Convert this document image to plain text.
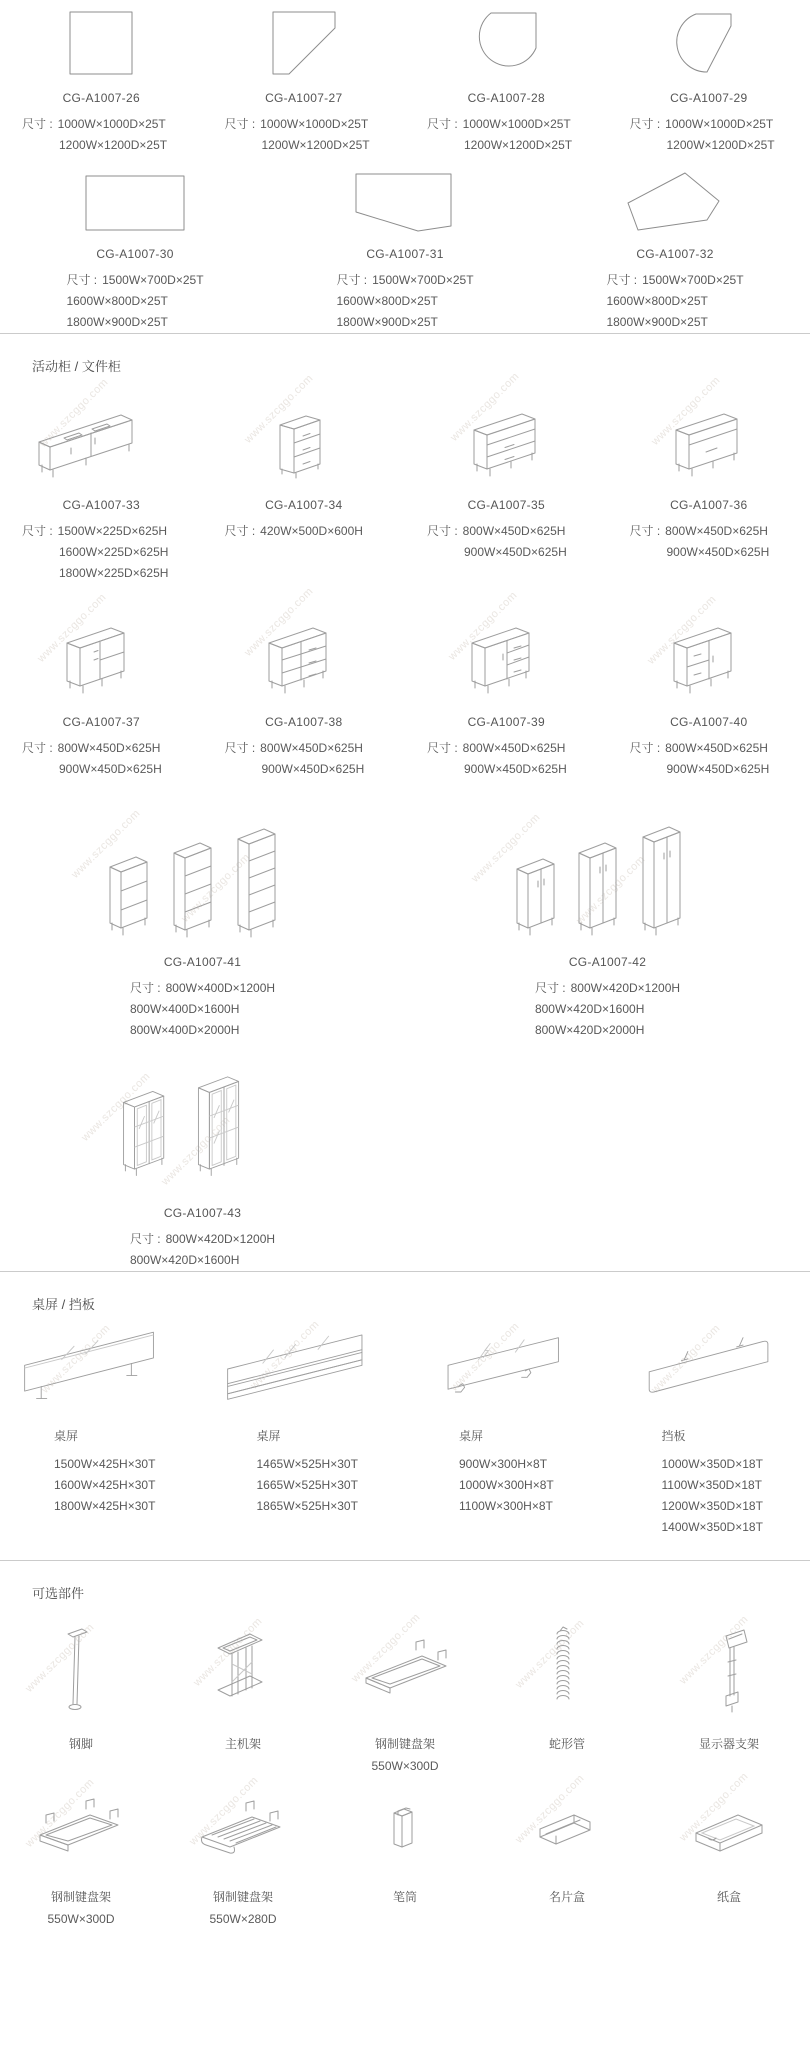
CG-A1007-26
尺寸 : 1000W×1000D×25T
1200W×1200D×25T
CG-A1007-27
尺寸 : 1000W×1000D×25T
1200W×1200D×25T
CG-A1007-28
尺寸 : 1000W×1000D×25T
1200W×1200D×25T
CG-A1007-29
尺寸 : 1000W×1000D×25T
1200W×1200D×25T
CG-A1007-30
尺寸 : 1500W×700D×25T
1600W×800D×25T
1800W×900D×25T
CG-A1007-31
尺寸 : 1500W×700D×25T
1600W×800D×25T
1800W×900D×25T
CG-A1007-32
尺寸 : 1500W×700D×25T
1600W×800D×25T
1800W×900D×25T
活动柜 / 文件柜
www.szcggo.com
CG-A1007-33
尺寸 : 1500W×225D×625H
1600W×225D×625H
1800W×225D×625H
www.szcggo.com
CG-A1007-34
尺寸 : 420W×500D×600H
www.szcggo.com
CG-A1007-35
尺寸 : 800W×450D×625H
900W×450D×625H
www.szcggo.com
CG-A1007-36
尺寸 : 800W×450D×625H
900W×450D×625H
www.szcggo.com
CG-A1007-37
尺寸 : 800W×450D×625H
900W×450D×625H
www.szcggo.com
CG-A1007-38
尺寸 : 800W×450D×625H
900W×450D×625H
www.szcggo.com
CG-A1007-39
尺寸 : 800W×450D×625H
900W×450D×625H
www.szcggo.com
CG-A1007-40
尺寸 : 800W×450D×625H
900W×450D×625H
www.szcggo.com
www.szcggo.com
CG-A1007-41
尺寸 : 800W×400D×1200H
800W×400D×1600H
800W×400D×2000H
www.szcggo.com
www.szcggo.com
CG-A1007-42
尺寸 : 800W×420D×1200H
800W×420D×1600H
800W×420D×2000H
www.szcggo.com
www.szcggo.com
CG-A1007-43
尺寸 : 800W×420D×1200H
800W×420D×1600H
桌屏 / 挡板
www.szcggo.com
桌屏
1500W×425H×30T
1600W×425H×30T
1800W×425H×30T
www.szcggo.com
桌屏
1465W×525H×30T
1665W×525H×30T
1865W×525H×30T
www.szcggo.com
桌屏
900W×300H×8T
1000W×300H×8T
1100W×300H×8T
www.szcggo.com
挡板
1000W×350D×18T
1100W×350D×18T
1200W×350D×18T
1400W×350D×18T
可选部件
www.szcggo.com
钢脚
www.szcggo.com
主机架
www.szcggo.com
钢制键盘架
550W×300D
www.szcggo.com
蛇形管
www.szcggo.com
显示器支架
www.szcggo.com
钢制键盘架
550W×300D
www.szcggo.com
钢制键盘架
550W×280D
笔筒
www.szcggo.com
名片盒
www.szcggo.com
纸盒
